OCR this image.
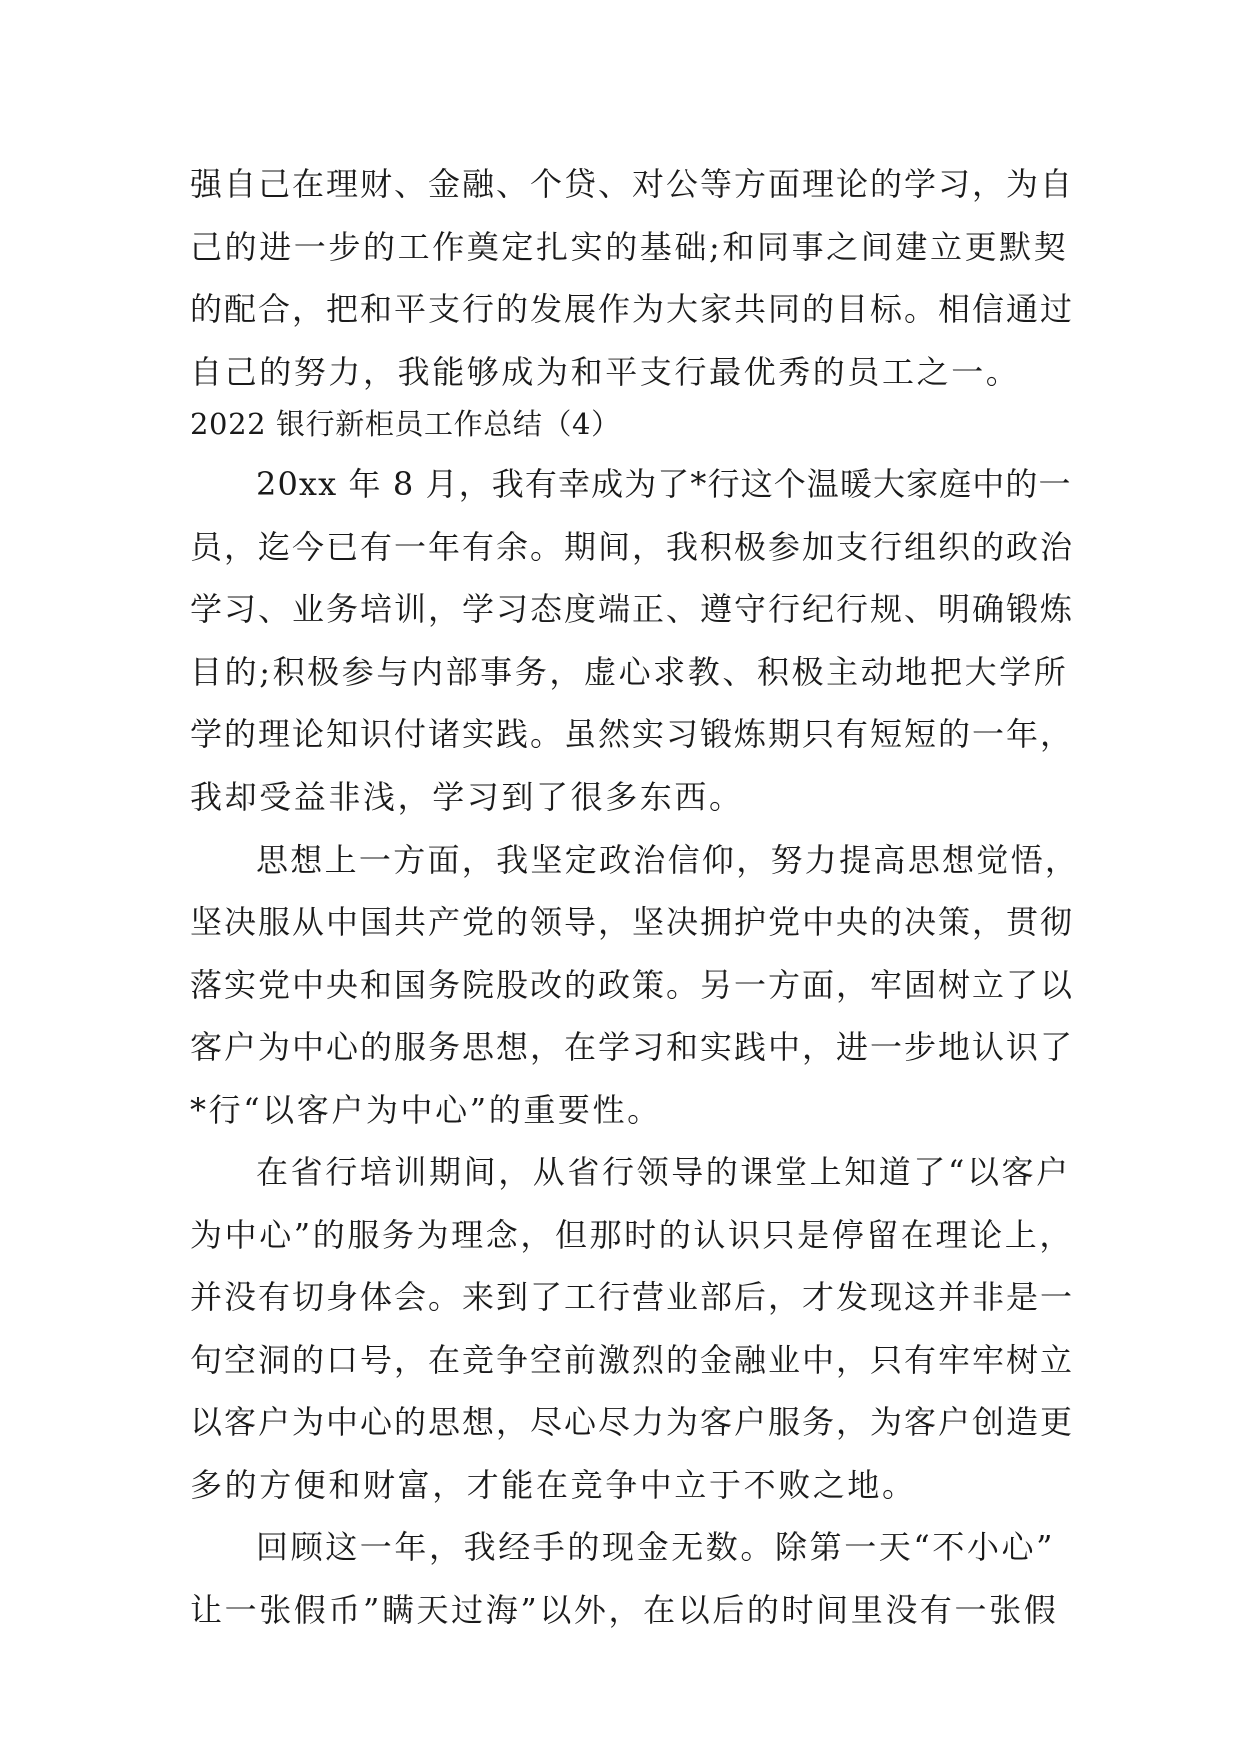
强自己在理财、金融、个贷、对公等方面理论的学习，为自
己的进一步的工作奠定扎实的基础;和同事之间建立更默契
的配合，把和平支行的发展作为大家共同的目标。相信通过
自己的努力，我能够成为和平支行最优秀的员工之一。
2022 银行新柜员工作总结（4）
20xx 年 8 月，我有幸成为了*行这个温暖大家庭中的一
员，迄今已有一年有余。期间，我积极参加支行组织的政治
学习、业务培训，学习态度端正、遵守行纪行规、明确锻炼
目的;积极参与内部事务，虚心求教、积极主动地把大学所
学的理论知识付诸实践。虽然实习锻炼期只有短短的一年，
我却受益非浅，学习到了很多东西。
思想上一方面，我坚定政治信仰，努力提高思想觉悟，
坚决服从中国共产党的领导，坚决拥护党中央的决策，贯彻
落实党中央和国务院股改的政策。另一方面，牢固树立了以
客户为中心的服务思想，在学习和实践中，进一步地认识了
*行“以客户为中心”的重要性。
在省行培训期间，从省行领导的课堂上知道了“以客户
为中心”的服务为理念，但那时的认识只是停留在理论上，
并没有切身体会。来到了工行营业部后，才发现这并非是一
句空洞的口号，在竞争空前激烈的金融业中，只有牢牢树立
以客户为中心的思想，尽心尽力为客户服务，为客户创造更
多的方便和财富，才能在竞争中立于不败之地。
回顾这一年，我经手的现金无数。除第一天“不小心”
让一张假币”瞒天过海”以外，在以后的时间里没有一张假
